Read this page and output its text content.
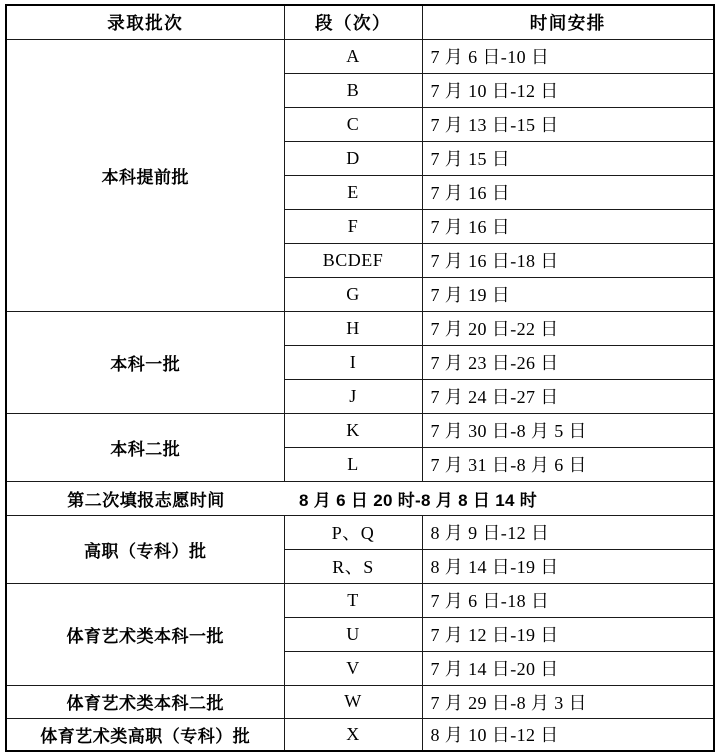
录取批次	段（次）	时间安排

本科提前批	A	7 月 6 日-10 日

B	7 月 10 日-12 日

C	7 月 13 日-15 日

D	7 月 15 日

E	7 月 16 日

F	7 月 16 日

BCDEF	7 月 16 日-18 日

G	7 月 19 日

本科一批	H	7 月 20 日-22 日

I	7 月 23 日-26 日

J	7 月 24 日-27 日

本科二批	K	7 月 30 日-8 月 5 日

L	7 月 31 日-8 月 6 日

第二次填报志愿时间 8 月 6 日 20 时-8 月 8 日 14 时		

高职（专科）批	P、Q	8 月 9 日-12 日

R、S	8 月 14 日-19 日

体育艺术类本科一批	T	7 月 6 日-18 日

U	7 月 12 日-19 日

V	7 月 14 日-20 日

体育艺术类本科二批	W	7 月 29 日-8 月 3 日

体育艺术类高职（专科）批	X	8 月 10 日-12 日
